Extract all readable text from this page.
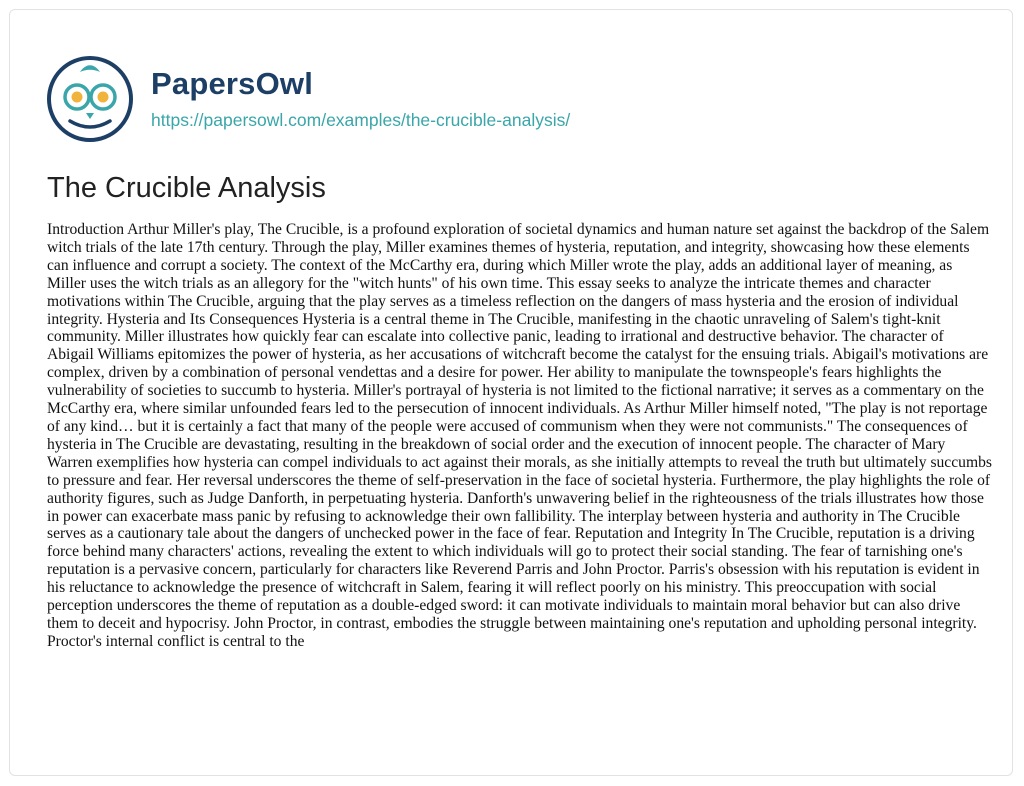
PapersOwl
https://papersowl.com/examples/the-crucible-analysis/
The Crucible Analysis

Introduction Arthur Miller's play, The Crucible, is a profound exploration of societal dynamics and human nature set against the backdrop of the Salem witch trials of the late 17th century. Through the play, Miller examines themes of hysteria, reputation, and integrity, showcasing how these elements can influence and corrupt a society. The context of the McCarthy era, during which Miller wrote the play, adds an additional layer of meaning, as Miller uses the witch trials as an allegory for the "witch hunts" of his own time. This essay seeks to analyze the intricate themes and character motivations within The Crucible, arguing that the play serves as a timeless reflection on the dangers of mass hysteria and the erosion of individual integrity. Hysteria and Its Consequences Hysteria is a central theme in The Crucible, manifesting in the chaotic unraveling of Salem's tight-knit community. Miller illustrates how quickly fear can escalate into collective panic, leading to irrational and destructive behavior. The character of Abigail Williams epitomizes the power of hysteria, as her accusations of witchcraft become the catalyst for the ensuing trials. Abigail's motivations are complex, driven by a combination of personal vendettas and a desire for power. Her ability to manipulate the townspeople's fears highlights the vulnerability of societies to succumb to hysteria. Miller's portrayal of hysteria is not limited to the fictional narrative; it serves as a commentary on the McCarthy era, where similar unfounded fears led to the persecution of innocent individuals. As Arthur Miller himself noted, "The play is not reportage of any kind… but it is certainly a fact that many of the people were accused of communism when they were not communists." The consequences of hysteria in The Crucible are devastating, resulting in the breakdown of social order and the execution of innocent people. The character of Mary Warren exemplifies how hysteria can compel individuals to act against their morals, as she initially attempts to reveal the truth but ultimately succumbs to pressure and fear. Her reversal underscores the theme of self-preservation in the face of societal hysteria. Furthermore, the play highlights the role of authority figures, such as Judge Danforth, in perpetuating hysteria. Danforth's unwavering belief in the righteousness of the trials illustrates how those in power can exacerbate mass panic by refusing to acknowledge their own fallibility. The interplay between hysteria and authority in The Crucible serves as a cautionary tale about the dangers of unchecked power in the face of fear. Reputation and Integrity In The Crucible, reputation is a driving force behind many characters' actions, revealing the extent to which individuals will go to protect their social standing. The fear of tarnishing one's reputation is a pervasive concern, particularly for characters like Reverend Parris and John Proctor. Parris's obsession with his reputation is evident in his reluctance to acknowledge the presence of witchcraft in Salem, fearing it will reflect poorly on his ministry. This preoccupation with social perception underscores the theme of reputation as a double-edged sword: it can motivate individuals to maintain moral behavior but can also drive them to deceit and hypocrisy. John Proctor, in contrast, embodies the struggle between maintaining one's reputation and upholding personal integrity. Proctor's internal conflict is central to the
